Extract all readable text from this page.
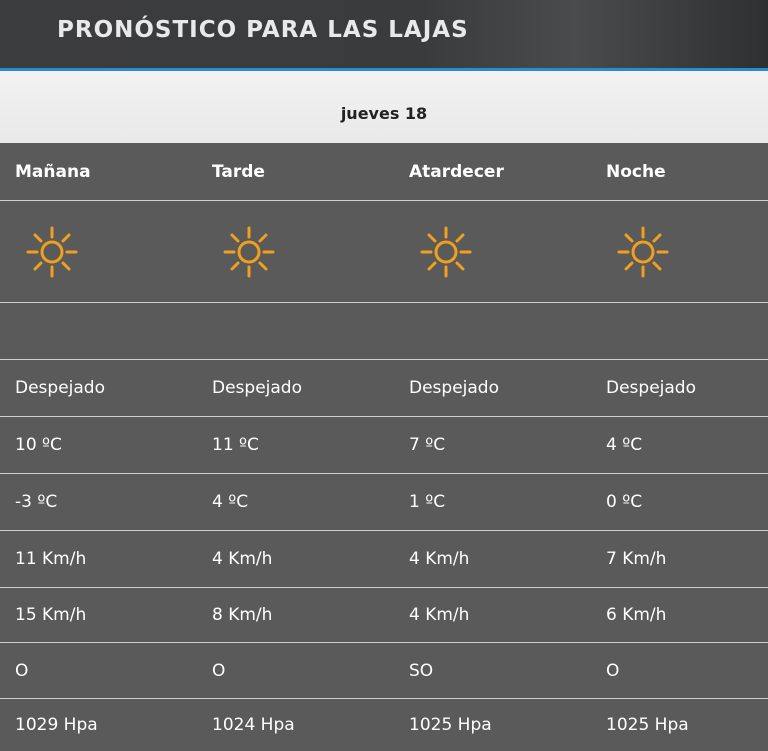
PRONÓSTICO PARA LAS LAJAS
jueves 18
Mañana	Tarde	Atardecer	Noche
Despejado	Despejado	Despejado	Despejado
10 ºC	11 ºC	7 ºC	4 ºC
-3 ºC	4 ºC	1 ºC	0 ºC
11 Km/h	4 Km/h	4 Km/h	7 Km/h
15 Km/h	8 Km/h	4 Km/h	6 Km/h
O	O	SO	O
1029 Hpa	1024 Hpa	1025 Hpa	1025 Hpa
